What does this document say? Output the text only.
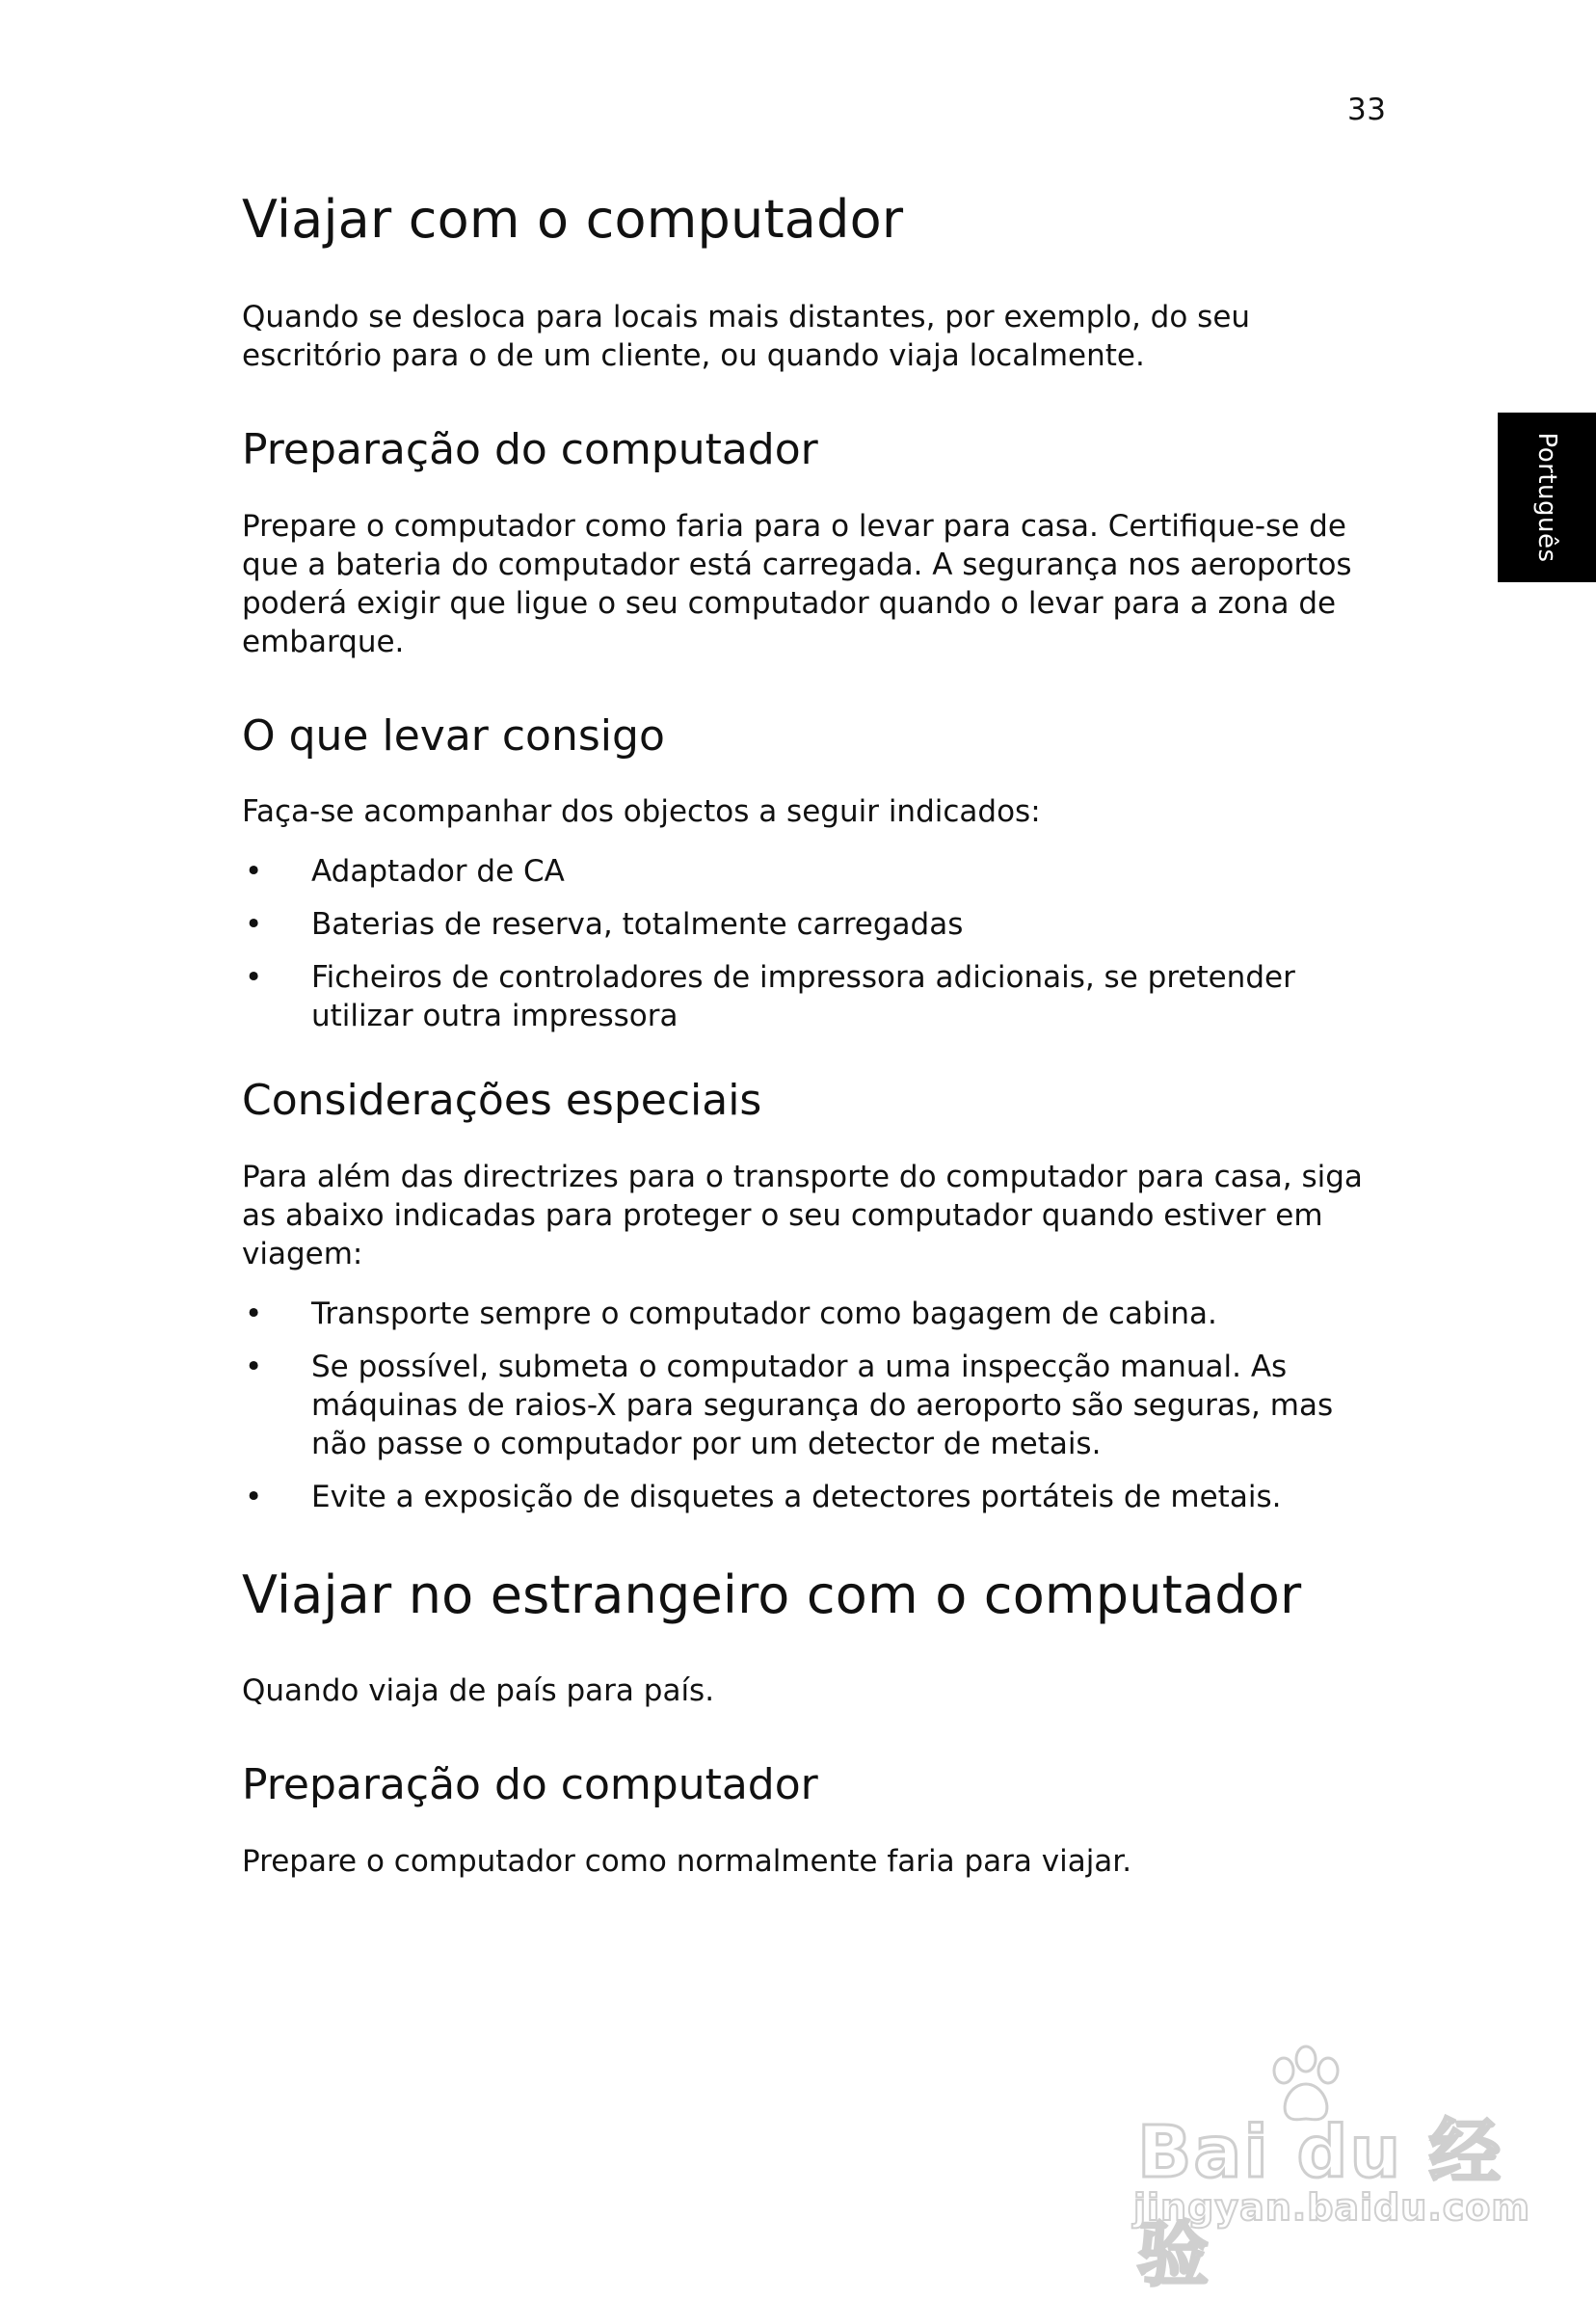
33
Português
Viajar com o computador

Quando se desloca para locais mais distantes, por exemplo, do seu escritório para o de um cliente, ou quando viaja localmente.

Preparação do computador

Prepare o computador como faria para o levar para casa. Certifique-se de que a bateria do computador está carregada. A segurança nos aeroportos poderá exigir que ligue o seu computador quando o levar para a zona de embarque.

O que levar consigo

Faça-se acompanhar dos objectos a seguir indicados:

• Adaptador de CA
• Baterias de reserva, totalmente carregadas
• Ficheiros de controladores de impressora adicionais, se pretender utilizar outra impressora
Considerações especiais

Para além das directrizes para o transporte do computador para casa, siga as abaixo indicadas para proteger o seu computador quando estiver em viagem:

• Transporte sempre o computador como bagagem de cabina.
• Se possível, submeta o computador a uma inspecção manual. As máquinas de raios-X para segurança do aeroporto são seguras, mas não passe o computador por um detector de metais.
• Evite a exposição de disquetes a detectores portáteis de metais.
Viajar no estrangeiro com o computador

Quando viaja de país para país.

Preparação do computador

Prepare o computador como normalmente faria para viajar.

Bai du 经验
jingyan.baidu.com
